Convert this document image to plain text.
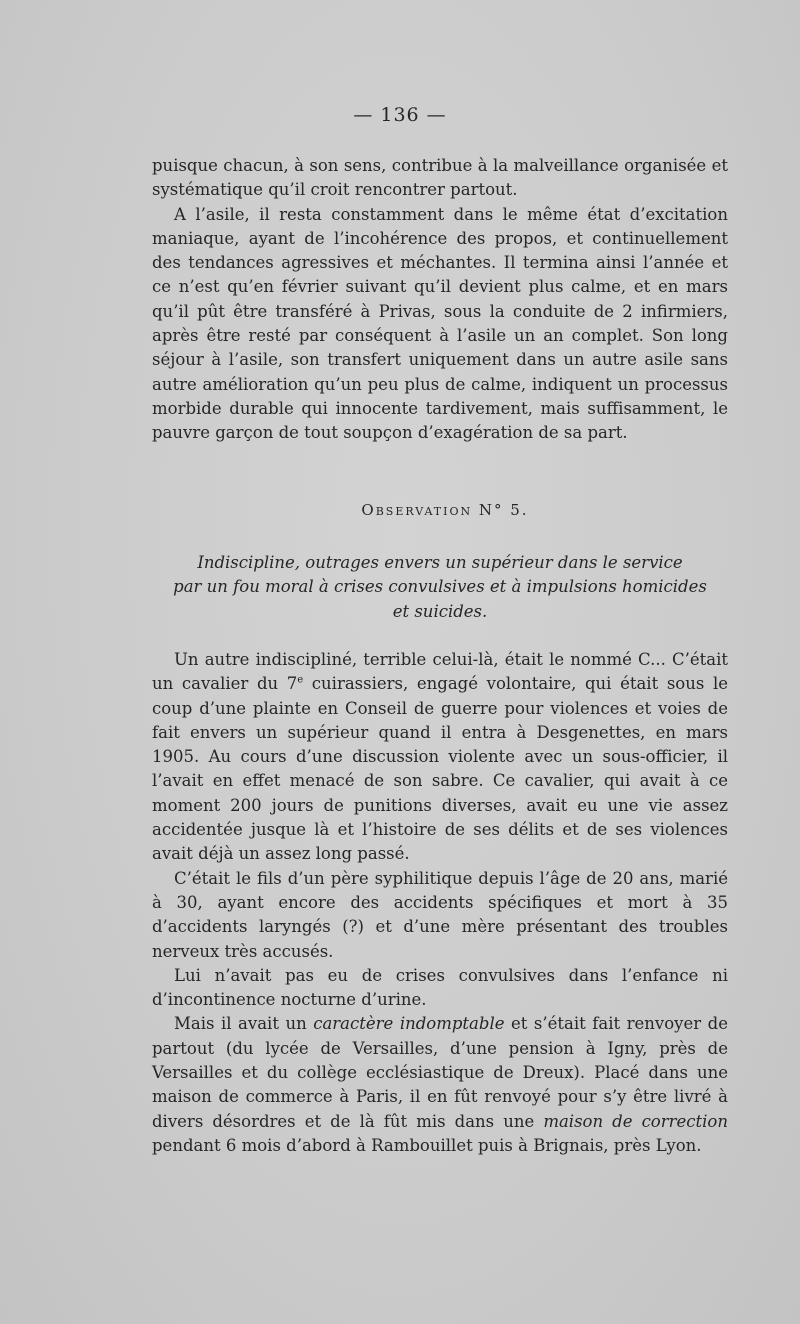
— 136 —

puisque chacun, à son sens, contribue à la malveillance organisée et systématique qu’il croit rencontrer partout.

A l’asile, il resta constamment dans le même état d’excitation maniaque, ayant de l’incohérence des propos, et continuellement des tendances agressives et méchantes. Il termina ainsi l’année et ce n’est qu’en février suivant qu’il devient plus calme, et en mars qu’il pût être transféré à Privas, sous la conduite de 2 infirmiers, après être resté par conséquent à l’asile un an complet. Son long séjour à l’asile, son transfert uniquement dans un autre asile sans autre amélioration qu’un peu plus de calme, indiquent un processus morbide durable qui innocente tardivement, mais suffisamment, le pauvre garçon de tout soupçon d’exagération de sa part.

Observation N° 5.
Indiscipline, outrages envers un supérieur dans le service
par un fou moral à crises convulsives et à impulsions homicides
et suicides.

Un autre indiscipliné, terrible celui-là, était le nommé C... C’était un cavalier du 7e cuirassiers, engagé volontaire, qui était sous le coup d’une plainte en Conseil de guerre pour violences et voies de fait envers un supérieur quand il entra à Desgenettes, en mars 1905. Au cours d’une discussion violente avec un sous-officier, il l’avait en effet menacé de son sabre. Ce cavalier, qui avait à ce moment 200 jours de punitions diverses, avait eu une vie assez accidentée jusque là et l’histoire de ses délits et de ses violences avait déjà un assez long passé.

C’était le fils d’un père syphilitique depuis l’âge de 20 ans, marié à 30, ayant encore des accidents spécifiques et mort à 35 d’accidents laryngés (?) et d’une mère présentant des troubles nerveux très accusés.

Lui n’avait pas eu de crises convulsives dans l’enfance ni d’incontinence nocturne d’urine.

Mais il avait un caractère indomptable et s’était fait renvoyer de partout (du lycée de Versailles, d’une pension à Igny, près de Versailles et du collège ecclésiastique de Dreux). Placé dans une maison de commerce à Paris, il en fût renvoyé pour s’y être livré à divers désordres et de là fût mis dans une maison de correction pendant 6 mois d’abord à Rambouillet puis à Brignais, près Lyon.
